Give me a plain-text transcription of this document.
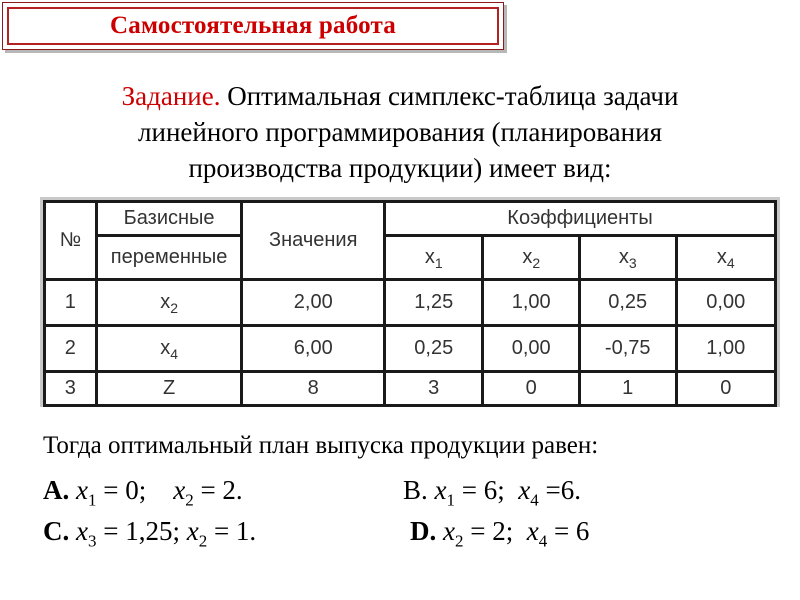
Самостоятельная работа
Задание. Оптимальная симплекс-таблица задачи
линейного программирования (планирования
производства продукции) имеет вид:
№	Базисные	Значения	Коэффициенты			
	переменные		$x_1$	$x_2$	$x_3$	$x_4$
1	$x_2$	2,00	1,25	1,00	0,25	0,00
2	$x_4$	6,00	0,25	0,00	-0,75	1,00
3	Z	8	3	0	1	0
Тогда оптимальный план выпуска продукции равен:
А. $x_1 = 0$;    $x_2 = 2$.	В. $x_1 = 6$;  $x_4 =6$.
С. $x_3 = 1,25$; $x_2 = 1$.	D. $x_2 = 2$;  $x_4 = 6$
